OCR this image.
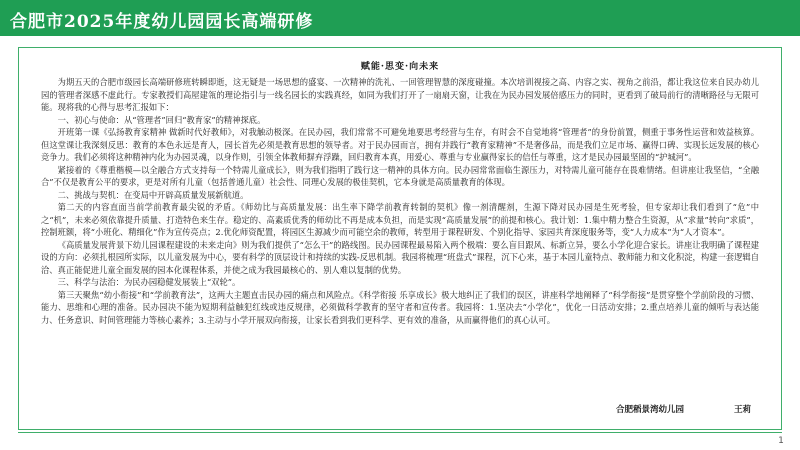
合肥市2025年度幼儿园园长高端研修
赋能·思变·向未来

为期五天的合肥市级园长高端研修班转瞬即逝，这无疑是一场思想的盛宴、一次精神的洗礼、一回管理智慧的深度碰撞。本次培训视接之高、内容之实、视角之前沿，都让我这位来自民办幼儿园的管理者深感不虚此行。专家教授们高屋建瓴的理论指引与一线名园长的实践真经，如同为我们打开了一扇扇天窗，让我在为民办园发展倍感压力的同时，更看到了破局前行的清晰路径与无限可能。现将我的心得与思考汇报如下：

一、初心与使命：从“管理者”回归“教育家”的精神探底。

开班第一课《弘扬教育家精神 做新时代好教师》，对我触动极深。在民办园，我们常常不可避免地要思考经营与生存，有时会不自觉地将“管理者”的身份前置，侧重于事务性运营和效益核算。但这堂课让我深刻反思：教育的本色永远是育人，园长首先必须是教育思想的领导者。对于民办园而言，拥有并践行“教育家精神”不是奢侈品，而是我们立足市场、赢得口碑、实现长远发展的核心竞争力。我们必须将这种精神内化为办园灵魂，以身作则，引领全体教师摒弃浮躁，回归教育本真，用爱心、尊重与专业赢得家长的信任与尊重，这才是民办园最坚固的“护城河”。

紧接着的《尊重楷模—以全融合方式支持每一个特需儿童成长》，则为我们指明了践行这一精神的具体方向。民办园常常面临生源压力，对特需儿童可能存在畏难情绪。但讲座让我坚信，“全融合”不仅是教育公平的要求，更是对所有儿童（包括普通儿童）社会性、同理心发展的极佳契机，它本身就是高质量教育的体现。

二、挑战与契机：在变局中开辟高质量发展新航道。

第二天的内容直面当前学前教育最尖锐的矛盾。《师幼比与高质量发展：出生率下降学前教育转制的契机》像一剂清醒剂，生源下降对民办园是生死考验，但专家却让我们看到了“危”中之“机”，未来必须依靠提升质量、打造特色来生存。稳定的、高素质优秀的师幼比不再是成本负担，而是实现“高质量发展”的前提和核心。我计划：1.集中精力整合生资源，从“求量”转向“求质”，控制班额，将“小班化、精细化”作为宣传亮点；2.优化师资配置，将园区生源减少而可能空余的教师，转型用于课程研发、个别化指导、家园共育深度服务等，变“人力成本”为“人才资本”。

《高质量发展背景下幼儿园课程建设的未来走向》则为我们提供了“怎么干”的路线图。民办园课程最易陷入两个极端：要么盲目跟风、标新立异，要么小学化迎合家长。讲座让我明确了课程建设的方向：必须扎根园所实际，以儿童发展为中心，要有科学的顶层设计和持续的实践-反思机制。我园将梳理“班盘式”课程，沉下心来，基于本园儿童特点、教师能力和文化积淀，构建一套逻辑自洽、真正能促进儿童全面发展的园本化课程体系，并使之成为我园最核心的、别人难以复制的优势。

三、科学与法治：为民办园稳健发展装上“双轮”。

第三天聚焦“幼小衔接”和“学前教育法”，这两大主题直击民办园的痛点和风险点。《科学衔接 乐享成长》极大地纠正了我们的误区，讲座科学地阐释了“科学衔接”是贯穿整个学前阶段的习惯、能力、思维和心理的准备。民办园决不能为短期利益触犯红线或违反规律，必须做科学教育的坚守者和宣传者。我园将：1.坚决去“小学化”，优化一日活动安排；2.重点培养儿童的倾听与表达能力、任务意识、时间管理能力等核心素养；3.主动与小学开展双向衔接，让家长看到我们更科学、更有效的准备，从而赢得他们的真心认可。

合肥稻景湾幼儿园	王莉
1
